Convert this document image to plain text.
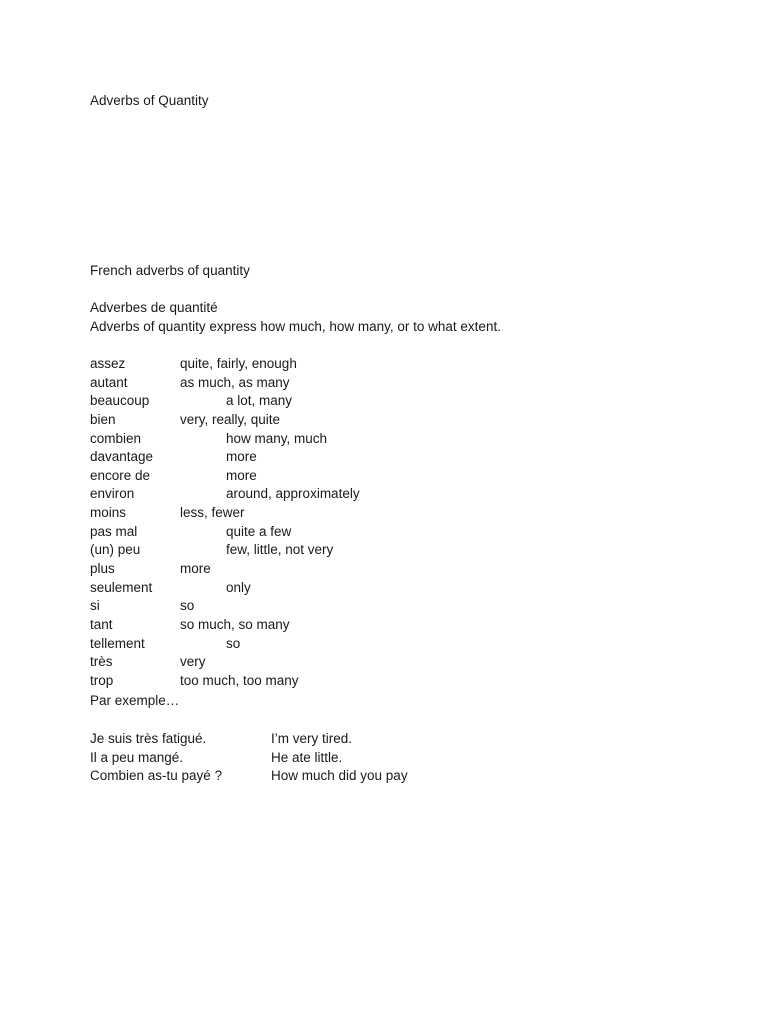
Adverbs of Quantity
French adverbs of quantity
Adverbes de quantité
Adverbs of quantity express how much, how many, or to what extent.
assez	quite, fairly, enough
autant	as much, as many
beaucoup	a lot, many
bien	very, really, quite
combien	how many, much
davantage	more
encore de	more
environ	around, approximately
moins	less, fewer
pas mal	quite a few
(un) peu	few, little, not very
plus	more
seulement	only
si	so
tant	so much, so many
tellement	so
très	very
trop	too much, too many
Par exemple…
Je suis très fatigué.	I’m very tired.
Il a peu mangé.	He ate little.
Combien as-tu payé ?	How much did you pay
